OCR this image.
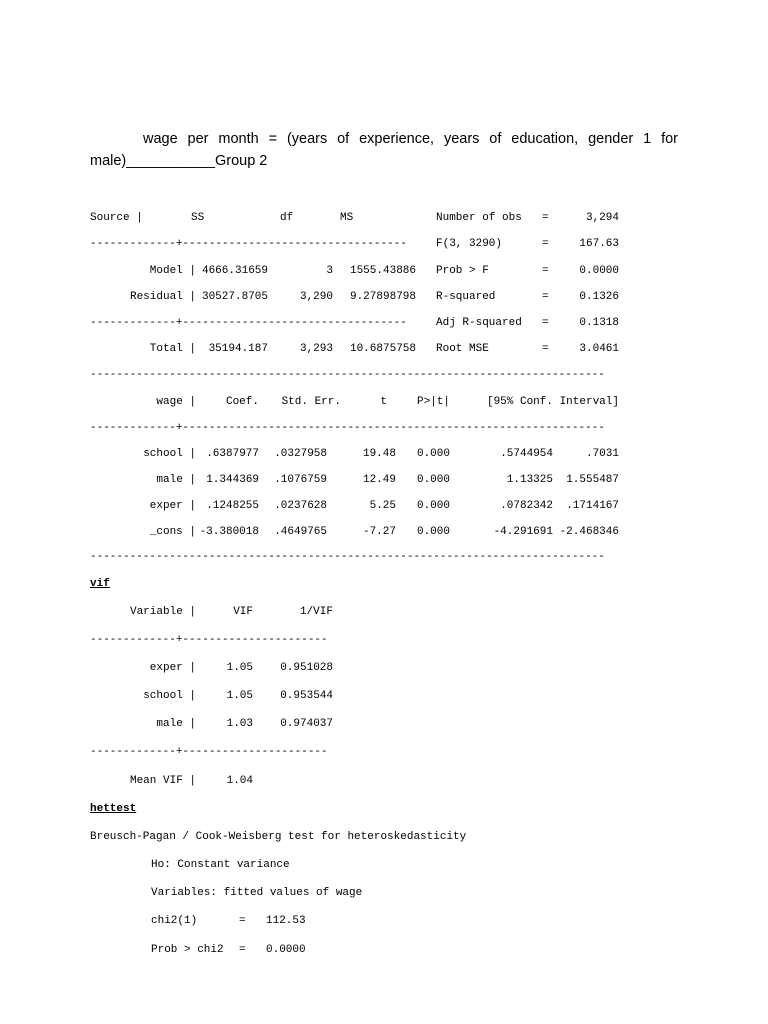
wage per month = (years of experience, years of education, gender 1 for
male)___________Group 2
Source |	SS	df	MS	Number of obs =	3,294
-------------+----------------------------------	F(3, 3290)	=	167.63
Model | 4666.31659	3	1555.43886 Prob > F	=	0.0000
Residual | 30527.8705	3,290	9.27898798 R-squared	=	0.1326
-------------+----------------------------------	Adj R-squared =	0.1318
Total |	35194.187	3,293	10.6875758 Root MSE	=	3.0461
------------------------------------------------------------------------------
wage |	Coef.	Std. Err.	t	P>|t|	[95% Conf. Interval]
-------------+----------------------------------------------------------------
school | .6387977	.0327958	19.48	0.000	.5744954	.7031
male | 1.344369	.1076759	12.49	0.000	1.13325	1.555487
exper | .1248255	.0237628	5.25	0.000	.0782342	.1714167
_cons | -3.380018	.4649765	-7.27	0.000	-4.291691 -2.468346
------------------------------------------------------------------------------
vif
Variable |	VIF	1/VIF
-------------+----------------------
exper |	1.05	0.951028
school |	1.05	0.953544
male |	1.03	0.974037
-------------+----------------------
Mean VIF |	1.04
hettest
Breusch-Pagan / Cook-Weisberg test for heteroskedasticity
Ho: Constant variance
Variables: fitted values of wage
chi2(1)	= 112.53
Prob > chi2 = 0.0000
